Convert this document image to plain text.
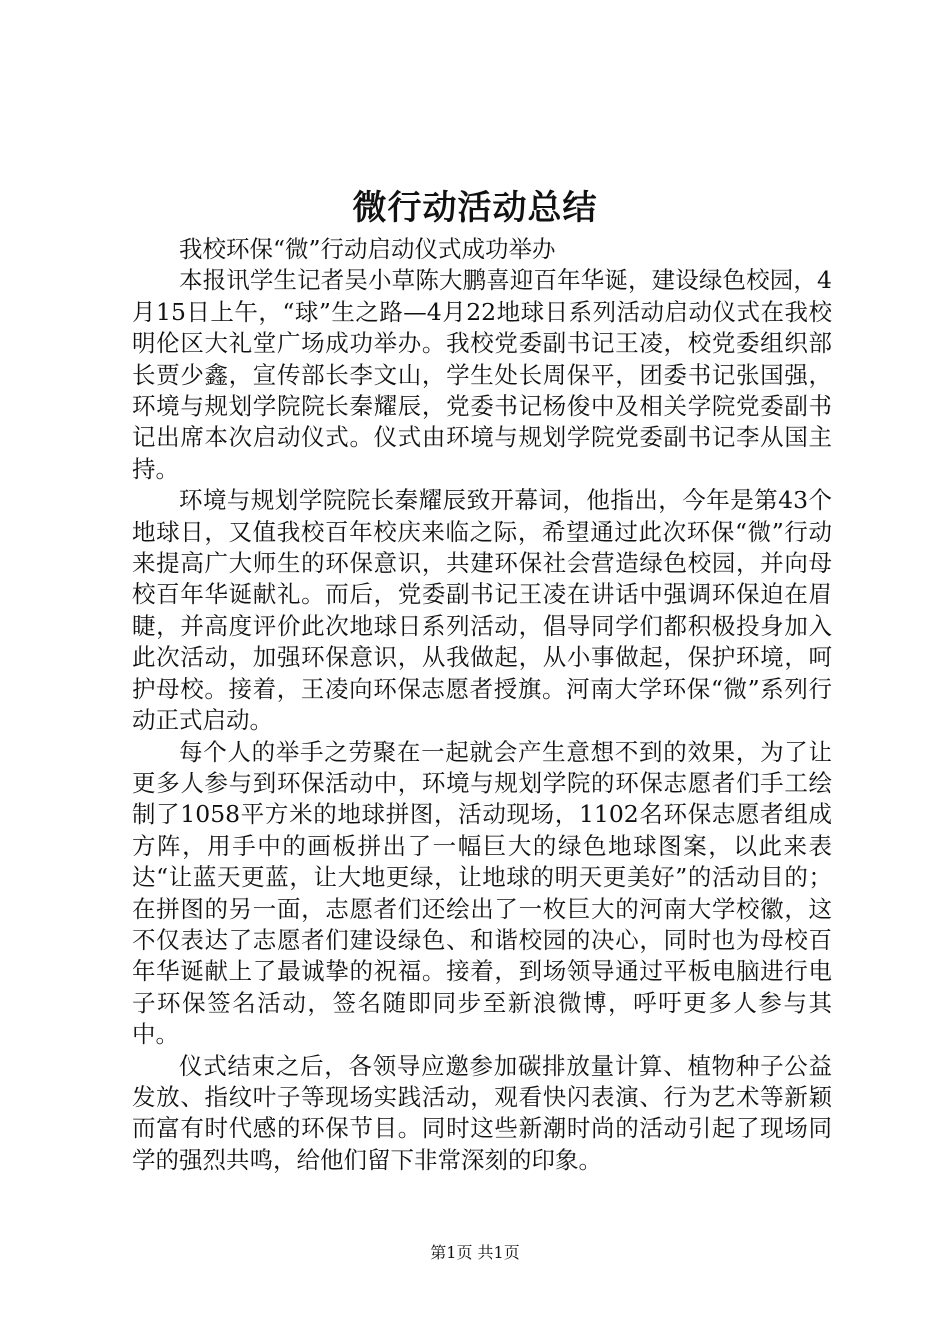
微行动活动总结

我校环保“微”行动启动仪式成功举办

本报讯学生记者吴小草陈大鹏喜迎百年华诞，建设绿色校园，4月15日上午，“球”生之路—4月22地球日系列活动启动仪式在我校明伦区大礼堂广场成功举办。我校党委副书记王凌，校党委组织部长贾少鑫，宣传部长李文山，学生处长周保平，团委书记张国强，环境与规划学院院长秦耀辰，党委书记杨俊中及相关学院党委副书记出席本次启动仪式。仪式由环境与规划学院党委副书记李从国主持。

环境与规划学院院长秦耀辰致开幕词，他指出，今年是第43个地球日，又值我校百年校庆来临之际，希望通过此次环保“微”行动来提高广大师生的环保意识，共建环保社会营造绿色校园，并向母校百年华诞献礼。而后，党委副书记王凌在讲话中强调环保迫在眉睫，并高度评价此次地球日系列活动，倡导同学们都积极投身加入此次活动，加强环保意识，从我做起，从小事做起，保护环境，呵护母校。接着，王凌向环保志愿者授旗。河南大学环保“微”系列行动正式启动。

每个人的举手之劳聚在一起就会产生意想不到的效果，为了让更多人参与到环保活动中，环境与规划学院的环保志愿者们手工绘制了1058平方米的地球拼图，活动现场，1102名环保志愿者组成方阵，用手中的画板拼出了一幅巨大的绿色地球图案，以此来表达“让蓝天更蓝，让大地更绿，让地球的明天更美好”的活动目的；在拼图的另一面，志愿者们还绘出了一枚巨大的河南大学校徽，这不仅表达了志愿者们建设绿色、和谐校园的决心，同时也为母校百年华诞献上了最诚挚的祝福。接着，到场领导通过平板电脑进行电子环保签名活动，签名随即同步至新浪微博，呼吁更多人参与其中。

仪式结束之后，各领导应邀参加碳排放量计算、植物种子公益发放、指纹叶子等现场实践活动，观看快闪表演、行为艺术等新颖而富有时代感的环保节目。同时这些新潮时尚的活动引起了现场同学的强烈共鸣，给他们留下非常深刻的印象。

第1页 共1页
